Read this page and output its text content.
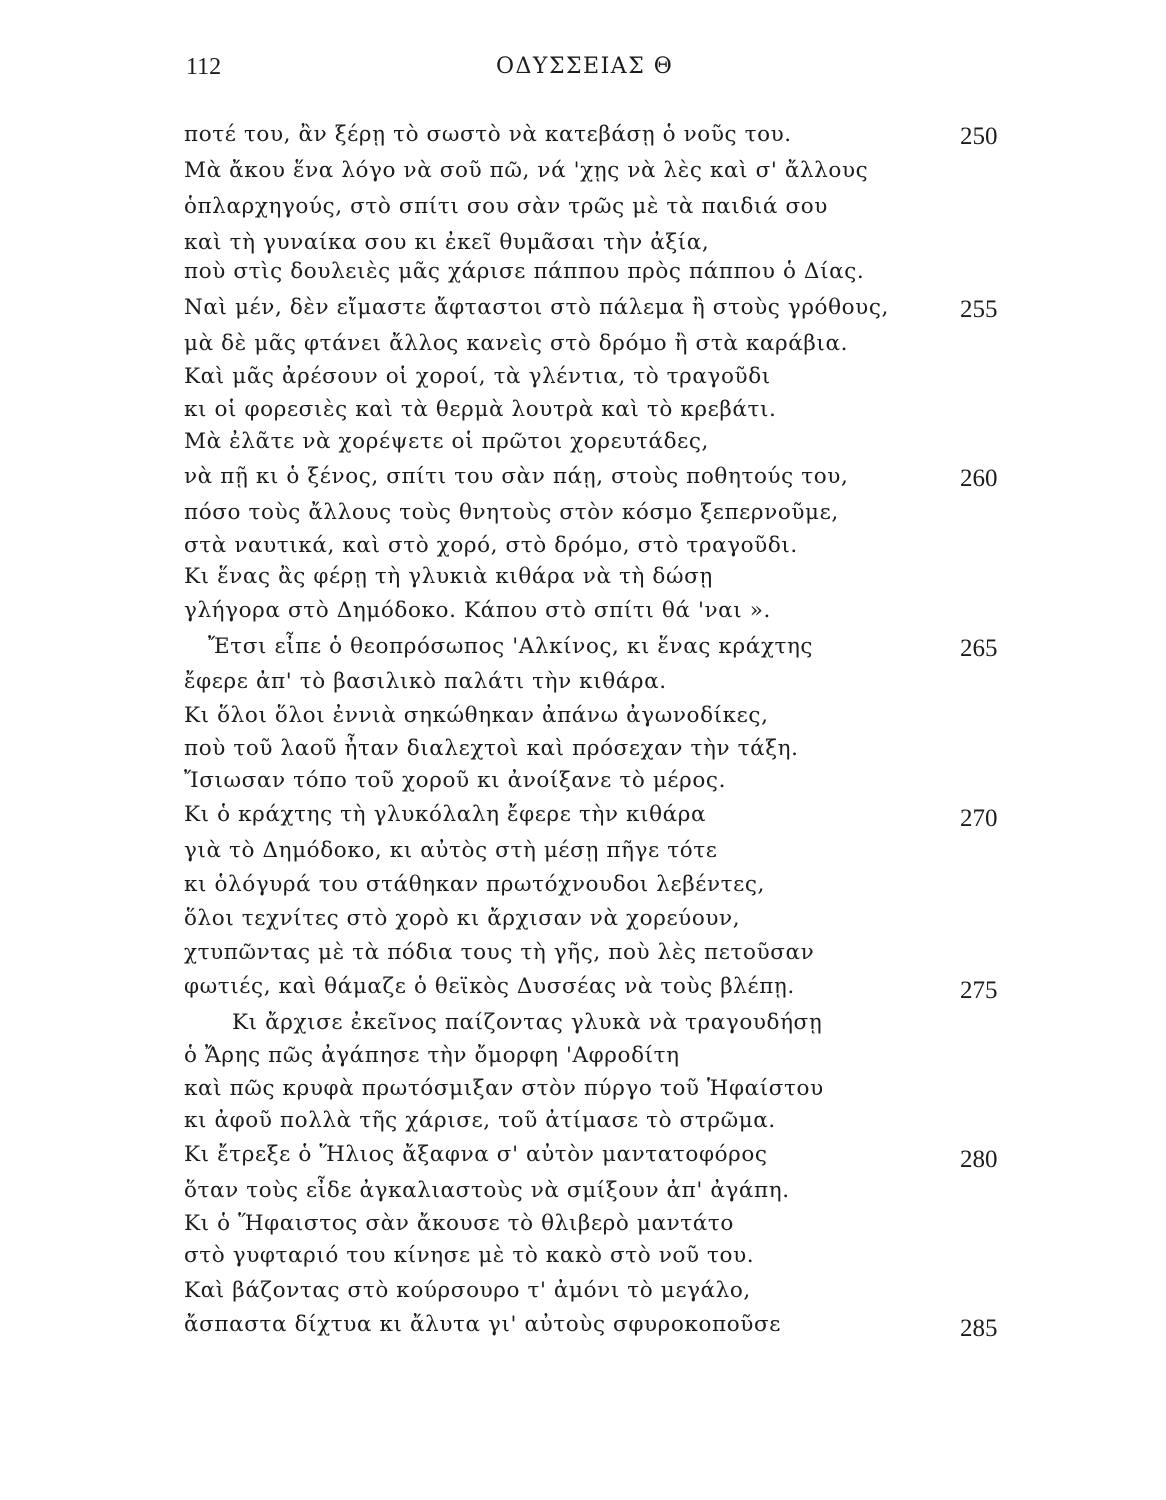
112	ΟΔΥΣΣΕΙΑΣ Θ
ποτέ του, ἂν ξέρῃ τὸ σωστὸ νὰ κατεβάσῃ ὁ νοῦς του.
Μὰ ἄκου ἕνα λόγο νὰ σοῦ πῶ, νά 'χῃς νὰ λὲς καὶ σ' ἄλλους
ὁπλαρχηγούς, στὸ σπίτι σου σὰν τρῶς μὲ τὰ παιδιά σου
καὶ τὴ γυναίκα σου κι ἐκεῖ θυμᾶσαι τὴν ἀξία,
ποὺ στὶς δουλειὲς μᾶς χάρισε πάππου πρὸς πάππου ὁ Δίας.
Ναὶ μέν, δὲν εἴμαστε ἄφταστοι στὸ πάλεμα ἢ στοὺς γρόθους,
μὰ δὲ μᾶς φτάνει ἄλλος κανεὶς στὸ δρόμο ἢ στὰ καράβια.
Καὶ μᾶς ἀρέσουν οἱ χοροί, τὰ γλέντια, τὸ τραγοῦδι
κι οἱ φορεσιὲς καὶ τὰ θερμὰ λουτρὰ καὶ τὸ κρεβάτι.
Μὰ ἐλᾶτε νὰ χορέψετε οἱ πρῶτοι χορευτάδες,
νὰ πῇ κι ὁ ξένος, σπίτι του σὰν πάῃ, στοὺς ποθητούς του,
πόσο τοὺς ἄλλους τοὺς θνητοὺς στὸν κόσμο ξεπερνοῦμε,
στὰ ναυτικά, καὶ στὸ χορό, στὸ δρόμο, στὸ τραγοῦδι.
Κι ἕνας ἂς φέρῃ τὴ γλυκιὰ κιθάρα νὰ τὴ δώσῃ
γλήγορα στὸ Δημόδοκο. Κάπου στὸ σπίτι θά 'ναι ».
Ἔτσι εἶπε ὁ θεοπρόσωπος 'Αλκίνος, κι ἕνας κράχτης
ἔφερε ἀπ' τὸ βασιλικὸ παλάτι τὴν κιθάρα.
Κι ὅλοι ὅλοι ἐννιὰ σηκώθηκαν ἀπάνω ἀγωνοδίκες,
ποὺ τοῦ λαοῦ ἦταν διαλεχτοὶ καὶ πρόσεχαν τὴν τάξη.
Ἴσιωσαν τόπο τοῦ χοροῦ κι ἀνοίξανε τὸ μέρος.
Κι ὁ κράχτης τὴ γλυκόλαλη ἔφερε τὴν κιθάρα
γιὰ τὸ Δημόδοκο, κι αὐτὸς στὴ μέσῃ πῆγε τότε
κι ὁλόγυρά του στάθηκαν πρωτόχνουδοι λεβέντες,
ὅλοι τεχνίτες στὸ χορὸ κι ἄρχισαν νὰ χορεύουν,
χτυπῶντας μὲ τὰ πόδια τους τὴ γῆς, ποὺ λὲς πετοῦσαν
φωτιές, καὶ θάμαζε ὁ θεϊκὸς Δυσσέας νὰ τοὺς βλέπῃ.
Κι ἄρχισε ἐκεῖνος παίζοντας γλυκὰ νὰ τραγουδήσῃ
ὁ Ἄρης πῶς ἀγάπησε τὴν ὄμορφη 'Αφροδίτη
καὶ πῶς κρυφὰ πρωτόσμιξαν στὸν πύργο τοῦ Ἡφαίστου
κι ἀφοῦ πολλὰ τῆς χάρισε, τοῦ ἀτίμασε τὸ στρῶμα.
Κι ἔτρεξε ὁ Ἥλιος ἄξαφνα σ' αὐτὸν μαντατοφόρος
ὅταν τοὺς εἶδε ἀγκαλιαστοὺς νὰ σμίξουν ἀπ' ἀγάπη.
Κι ὁ Ἥφαιστος σὰν ἄκουσε τὸ θλιβερὸ μαντάτο
στὸ γυφταριό του κίνησε μὲ τὸ κακὸ στὸ νοῦ του.
Καὶ βάζοντας στὸ κούρσουρο τ' ἀμόνι τὸ μεγάλο,
ἄσπαστα δίχτυα κι ἄλυτα γι' αὐτοὺς σφυροκοποῦσε
250
255
260
265
270
275
280
285
